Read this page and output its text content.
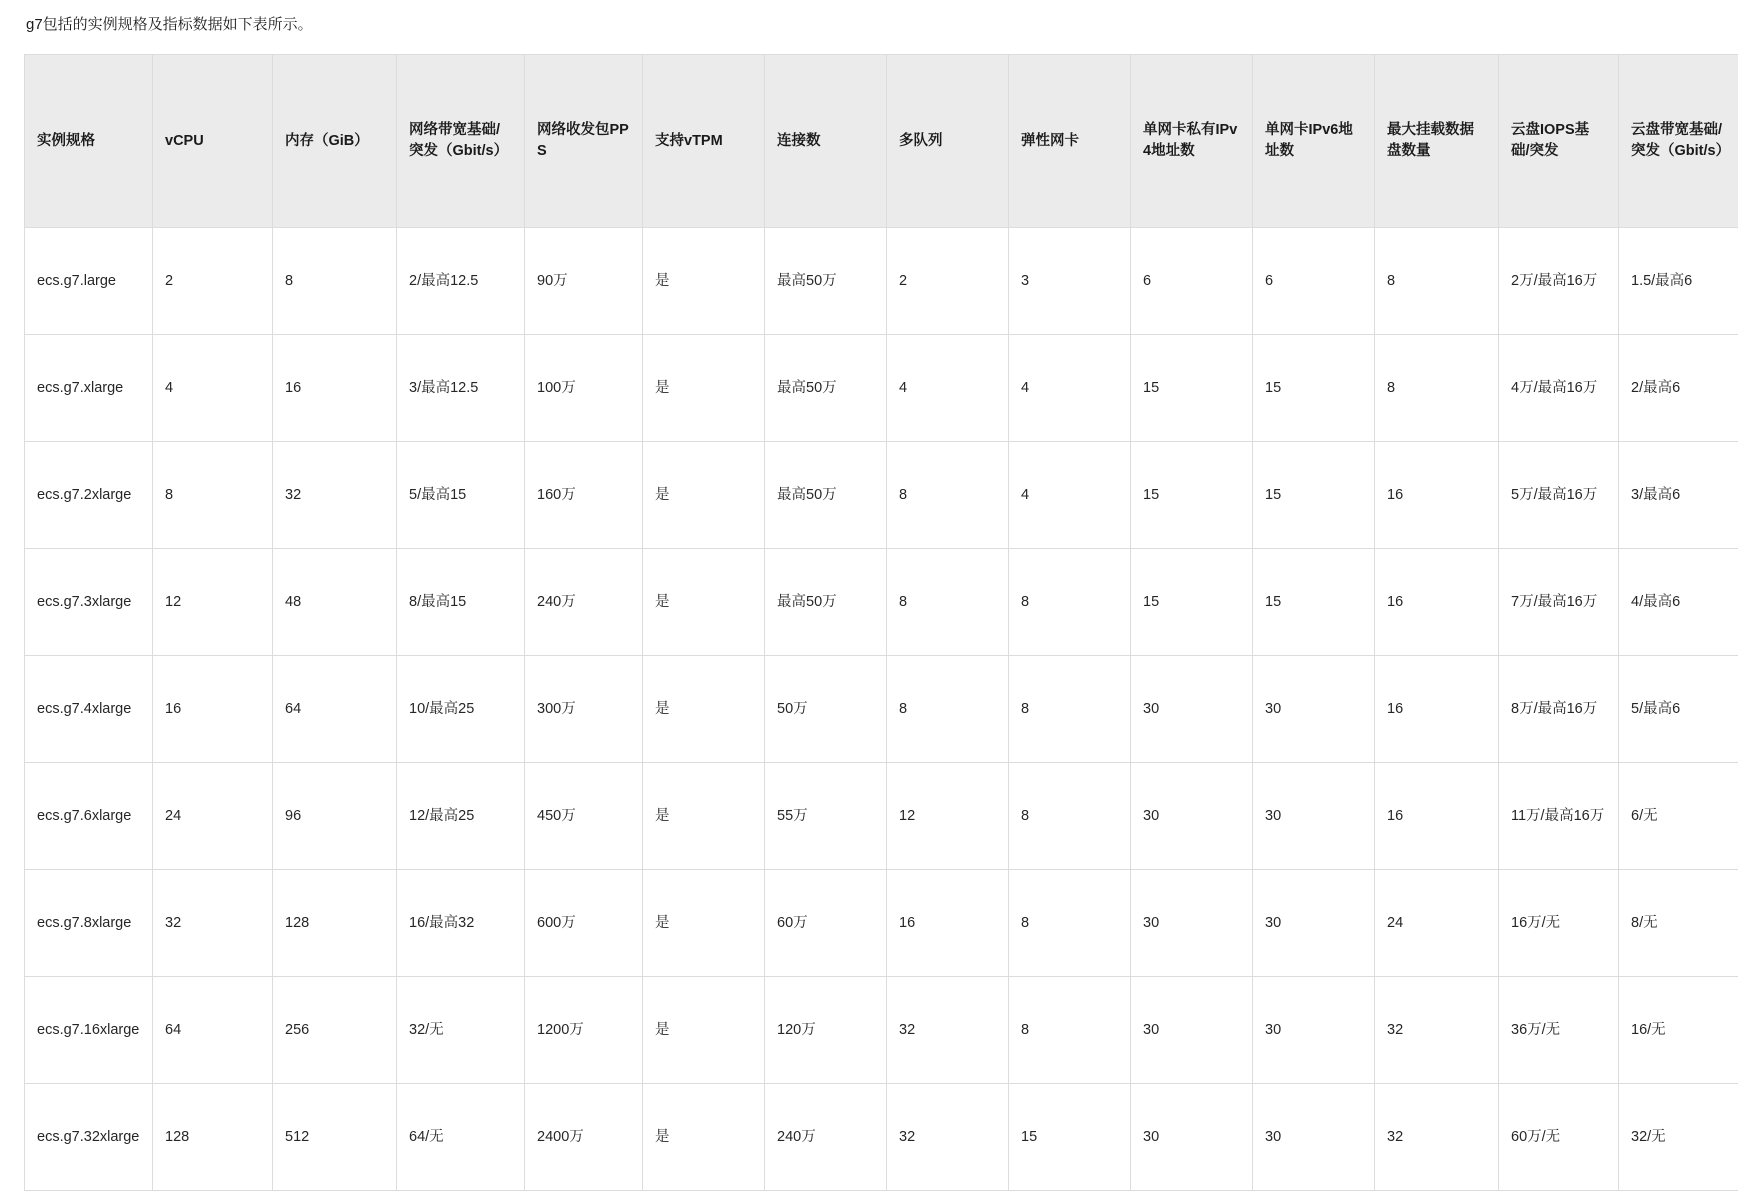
g7包括的实例规格及指标数据如下表所示。

实例规格	vCPU	内存（GiB）	网络带宽基础/突发（Gbit/s）	网络收发包PPS	支持vTPM	连接数	多队列	弹性网卡	单网卡私有IPv4地址数	单网卡IPv6地址数	最大挂载数据盘数量	云盘IOPS基础/突发	云盘带宽基础/突发（Gbit/s）
ecs.g7.large	2	8	2/最高12.5	90万	是	最高50万	2	3	6	6	8	2万/最高16万	1.5/最高6
ecs.g7.xlarge	4	16	3/最高12.5	100万	是	最高50万	4	4	15	15	8	4万/最高16万	2/最高6
ecs.g7.2xlarge	8	32	5/最高15	160万	是	最高50万	8	4	15	15	16	5万/最高16万	3/最高6
ecs.g7.3xlarge	12	48	8/最高15	240万	是	最高50万	8	8	15	15	16	7万/最高16万	4/最高6
ecs.g7.4xlarge	16	64	10/最高25	300万	是	50万	8	8	30	30	16	8万/最高16万	5/最高6
ecs.g7.6xlarge	24	96	12/最高25	450万	是	55万	12	8	30	30	16	11万/最高16万	6/无
ecs.g7.8xlarge	32	128	16/最高32	600万	是	60万	16	8	30	30	24	16万/无	8/无
ecs.g7.16xlarge	64	256	32/无	1200万	是	120万	32	8	30	30	32	36万/无	16/无
ecs.g7.32xlarge	128	512	64/无	2400万	是	240万	32	15	30	30	32	60万/无	32/无
